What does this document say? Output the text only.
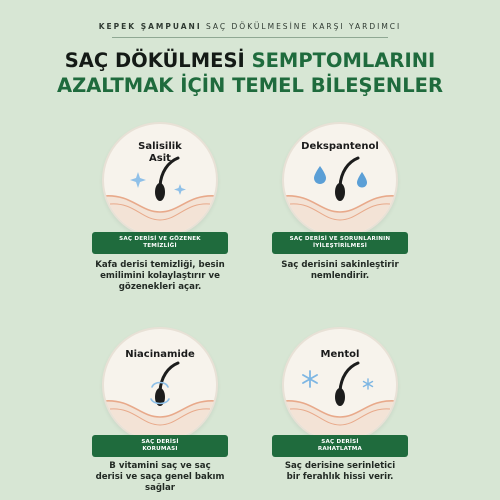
KEPEK ŞAMPUANI SAÇ DÖKÜLMESİNE KARŞI YARDIMCI
SAÇ DÖKÜLMESİ SEMPTOMLARINI
AZALTMAK İÇİN TEMEL BİLEŞENLER
Salisilik
Asit
SAÇ DERİSİ VE GÖZENEK
TEMİZLİĞİ
Kafa derisi temizliği, besin
emilimini kolaylaştırır ve
gözenekleri açar.
Dekspantenol
SAÇ DERİSİ VE SORUNLARININ
İYİLEŞTİRİLMESİ
Saç derisini sakinleştirir
nemlendirir.
Niacinamide
SAÇ DERİSİ
KORUMASI
B vitamini saç ve saç
derisi ve saça genel bakım
sağlar
Mentol
SAÇ DERİSİ
RAHATLATMA
Saç derisine serinletici
bir ferahlık hissi verir.
